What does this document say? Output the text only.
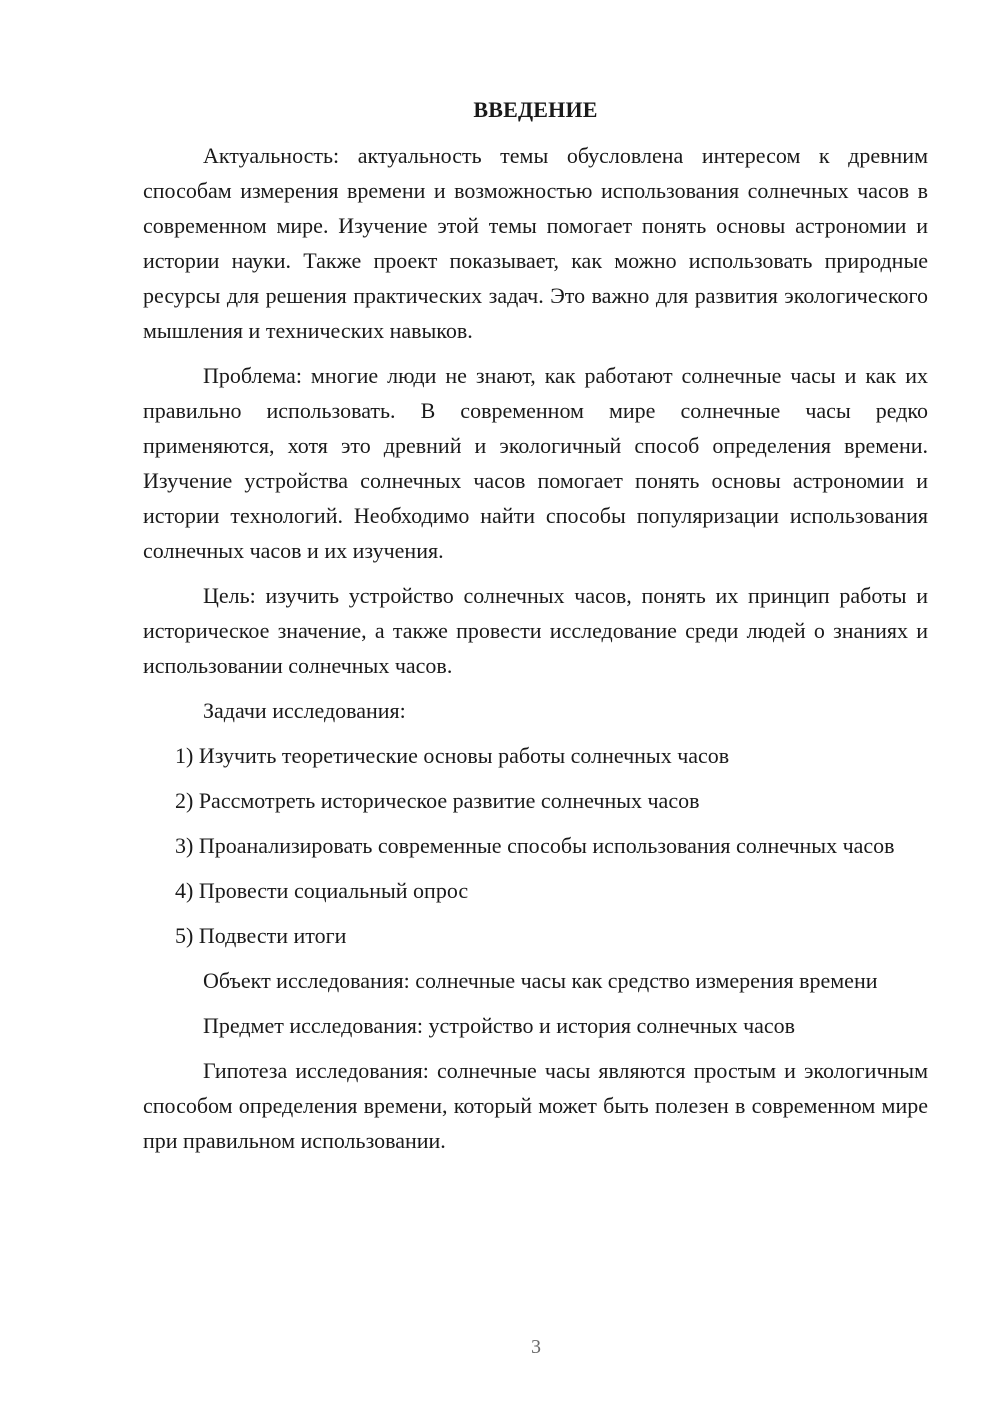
ВВЕДЕНИЕ

Актуальность: актуальность темы обусловлена интересом к древним способам измерения времени и возможностью использования солнечных часов в современном мире. Изучение этой темы помогает понять основы астрономии и истории науки. Также проект показывает, как можно использовать природные ресурсы для решения практических задач. Это важно для развития экологического мышления и технических навыков.

Проблема: многие люди не знают, как работают солнечные часы и как их правильно использовать. В современном мире солнечные часы редко применяются, хотя это древний и экологичный способ определения времени. Изучение устройства солнечных часов помогает понять основы астрономии и истории технологий. Необходимо найти способы популяризации использования солнечных часов и их изучения.

Цель: изучить устройство солнечных часов, понять их принцип работы и историческое значение, а также провести исследование среди людей о знаниях и использовании солнечных часов.

Задачи исследования:

1) Изучить теоретические основы работы солнечных часов

2) Рассмотреть историческое развитие солнечных часов

3) Проанализировать современные способы использования солнечных часов

4) Провести социальный опрос

5) Подвести итоги

Объект исследования: солнечные часы как средство измерения времени

Предмет исследования: устройство и история солнечных часов

Гипотеза исследования: солнечные часы являются простым и экологичным способом определения времени, который может быть полезен в современном мире при правильном использовании.

3
